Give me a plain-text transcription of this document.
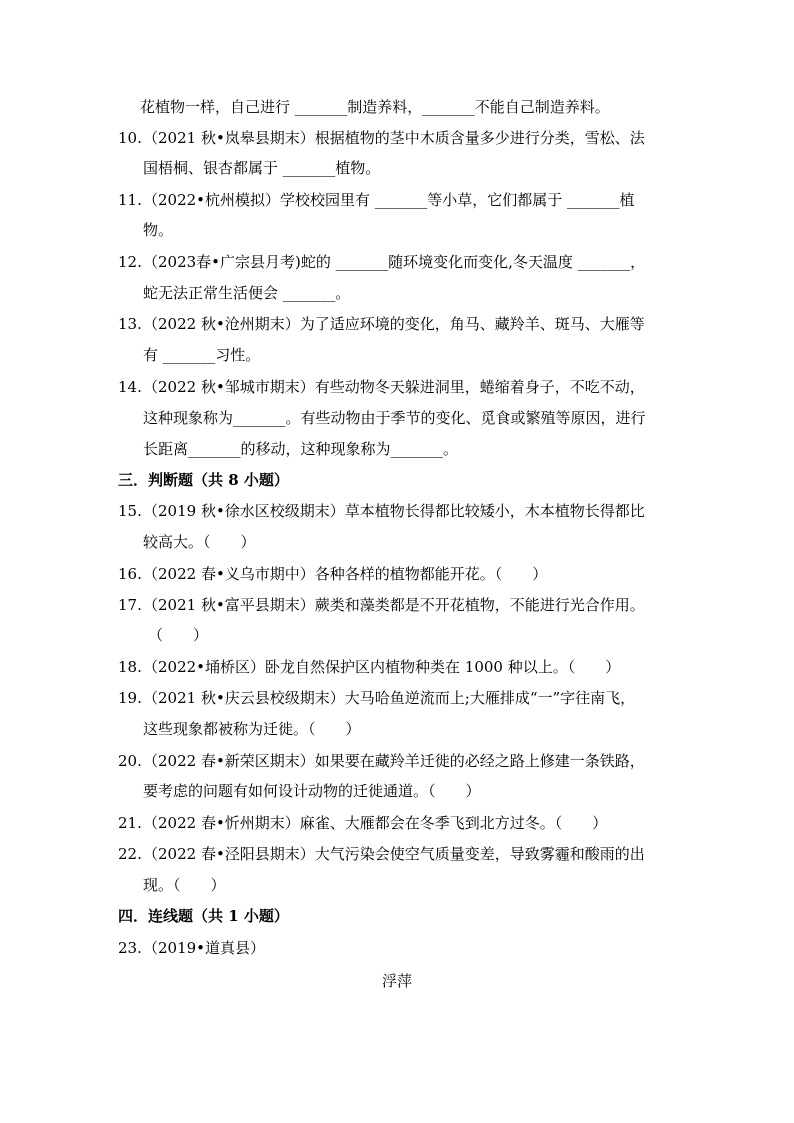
花植物一样，自己进行 _______制造养料，_______不能自己制造养料。
10. （2021 秋•岚皋县期末）根据植物的茎中木质含量多少进行分类，雪松、法
国梧桐、银杏都属于 _______植物。
11. （2022•杭州模拟）学校校园里有 _______等小草，它们都属于 _______植
物。
12. （2023春•广宗县月考)蛇的 _______随环境变化而变化,冬天温度 _______，
蛇无法正常生活便会 _______。
13. （2022 秋•沧州期末）为了适应环境的变化，角马、藏羚羊、斑马、大雁等
有 _______习性。
14. （2022 秋•邹城市期末）有些动物冬天躲进洞里，蜷缩着身子，不吃不动，
这种现象称为_______。有些动物由于季节的变化、觅食或繁殖等原因，进行
长距离_______的移动，这种现象称为_______。
三．判断题（共 8 小题）
15. （2019 秋•徐水区校级期末）草本植物长得都比较矮小，木本植物长得都比
较高大。（　　）
16. （2022 春•义乌市期中）各种各样的植物都能开花。（　　）
17. （2021 秋•富平县期末）蕨类和藻类都是不开花植物，不能进行光合作用。
（　　）
18. （2022•埇桥区）卧龙自然保护区内植物种类在 1000 种以上。（　　）
19. （2021 秋•庆云县校级期末）大马哈鱼逆流而上;大雁排成“一”字往南飞，
这些现象都被称为迁徙。（　　）
20. （2022 春•新荣区期末）如果要在藏羚羊迁徙的必经之路上修建一条铁路，
要考虑的问题有如何设计动物的迁徙通道。（　　）
21. （2022 春•忻州期末）麻雀、大雁都会在冬季飞到北方过冬。（　　）
22. （2022 春•泾阳县期末）大气污染会使空气质量变差，导致雾霾和酸雨的出
现。（　　）
四．连线题（共 1 小题）
23. （2019•道真县）
浮萍
